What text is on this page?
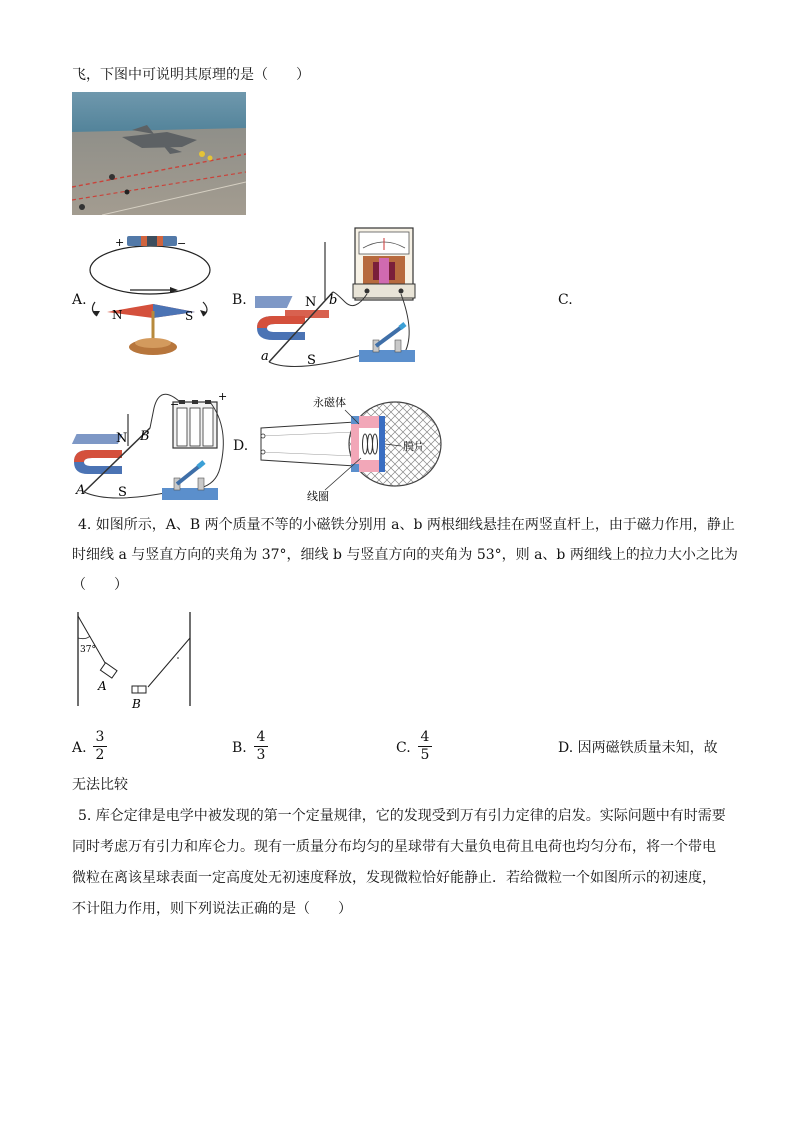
飞，下图中可说明其原理的是（　　）
A.
+	−
N	S
B.	N b
a	S
C.
−
+
N B
A	S
D.
永磁体
线圈
4. 如图所示，A、B 两个质量不等的小磁铁分别用 a、b 两根细线悬挂在两竖直杆上，由于磁力作用，静止
时细线 a 与竖直方向的夹角为 37°，细线 b 与竖直方向的夹角为 53°，则 a、b 两细线上的拉力大小之比为
（　　）
37°
A
B
A.
3
2	B.
4
3	C.
4
5	D. 因两磁铁质量未知，故
无法比较
5. 库仑定律是电学中被发现的第一个定量规律，它的发现受到万有引力定律的启发。实际问题中有时需要
同时考虑万有引力和库仑力。现有一质量分布均匀的星球带有大量负电荷且电荷也均匀分布，将一个带电
微粒在离该星球表面一定高度处无初速度释放，发现微粒恰好能静止．若给微粒一个如图所示的初速度，
不计阻力作用，则下列说法正确的是（　　）
